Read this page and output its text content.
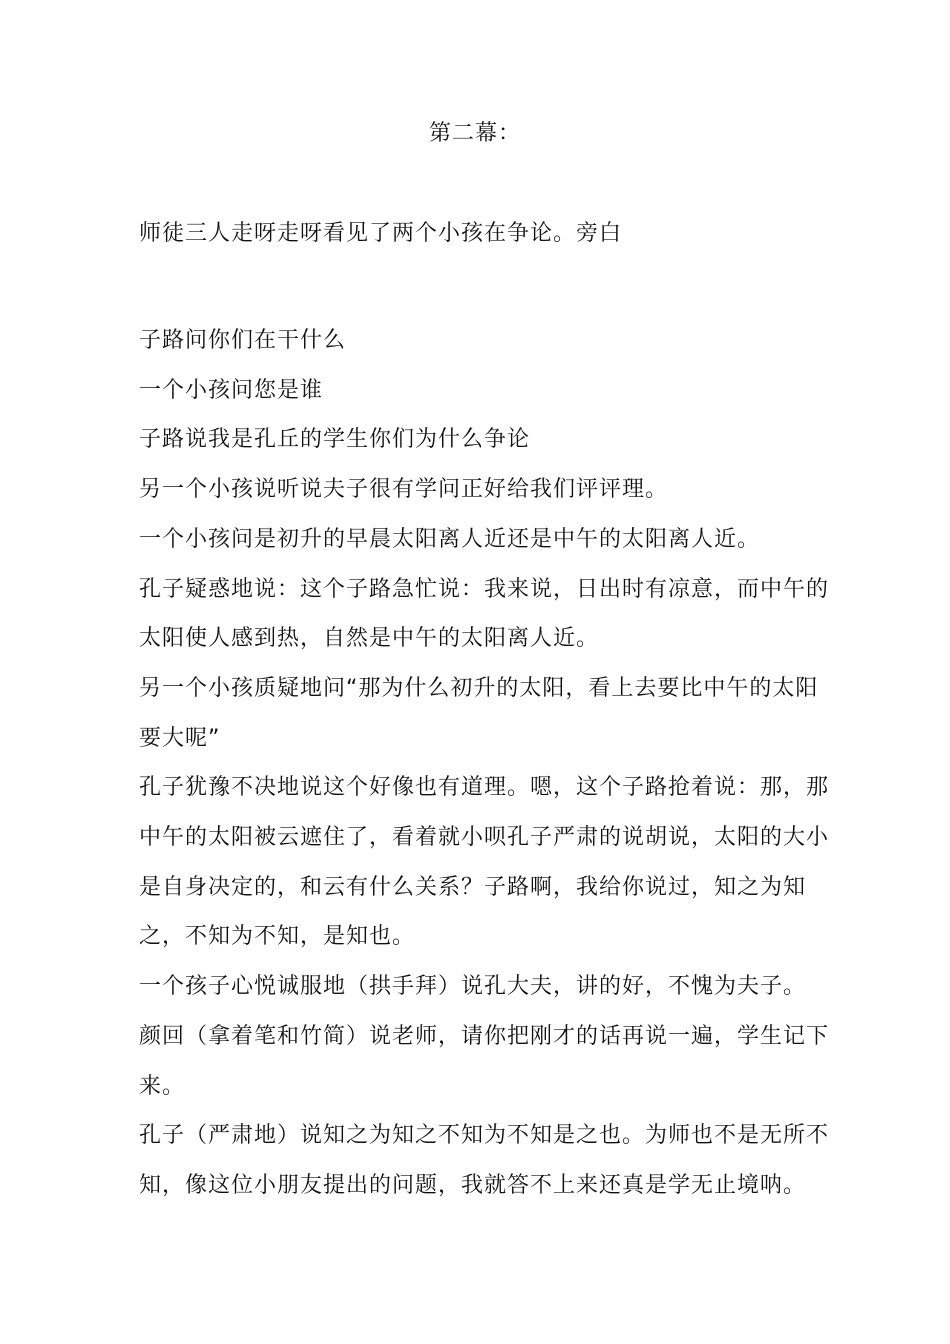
第二幕：
师徒三人走呀走呀看见了两个小孩在争论。旁白

子路问你们在干什么

一个小孩问您是谁

子路说我是孔丘的学生你们为什么争论

另一个小孩说听说夫子很有学问正好给我们评评理。

一个小孩问是初升的早晨太阳离人近还是中午的太阳离人近。

孔子疑惑地说：这个子路急忙说：我来说，日出时有凉意，而中午的太阳使人感到热，自然是中午的太阳离人近。

另一个小孩质疑地问“那为什么初升的太阳，看上去要比中午的太阳要大呢”

孔子犹豫不决地说这个好像也有道理。嗯，这个子路抢着说：那，那中午的太阳被云遮住了，看着就小呗孔子严肃的说胡说，太阳的大小是自身决定的，和云有什么关系？子路啊，我给你说过，知之为知之，不知为不知，是知也。

一个孩子心悦诚服地（拱手拜）说孔大夫，讲的好，不愧为夫子。

颜回（拿着笔和竹简）说老师，请你把刚才的话再说一遍，学生记下来。

孔子（严肃地）说知之为知之不知为不知是之也。为师也不是无所不知，像这位小朋友提出的问题，我就答不上来还真是学无止境呐。
